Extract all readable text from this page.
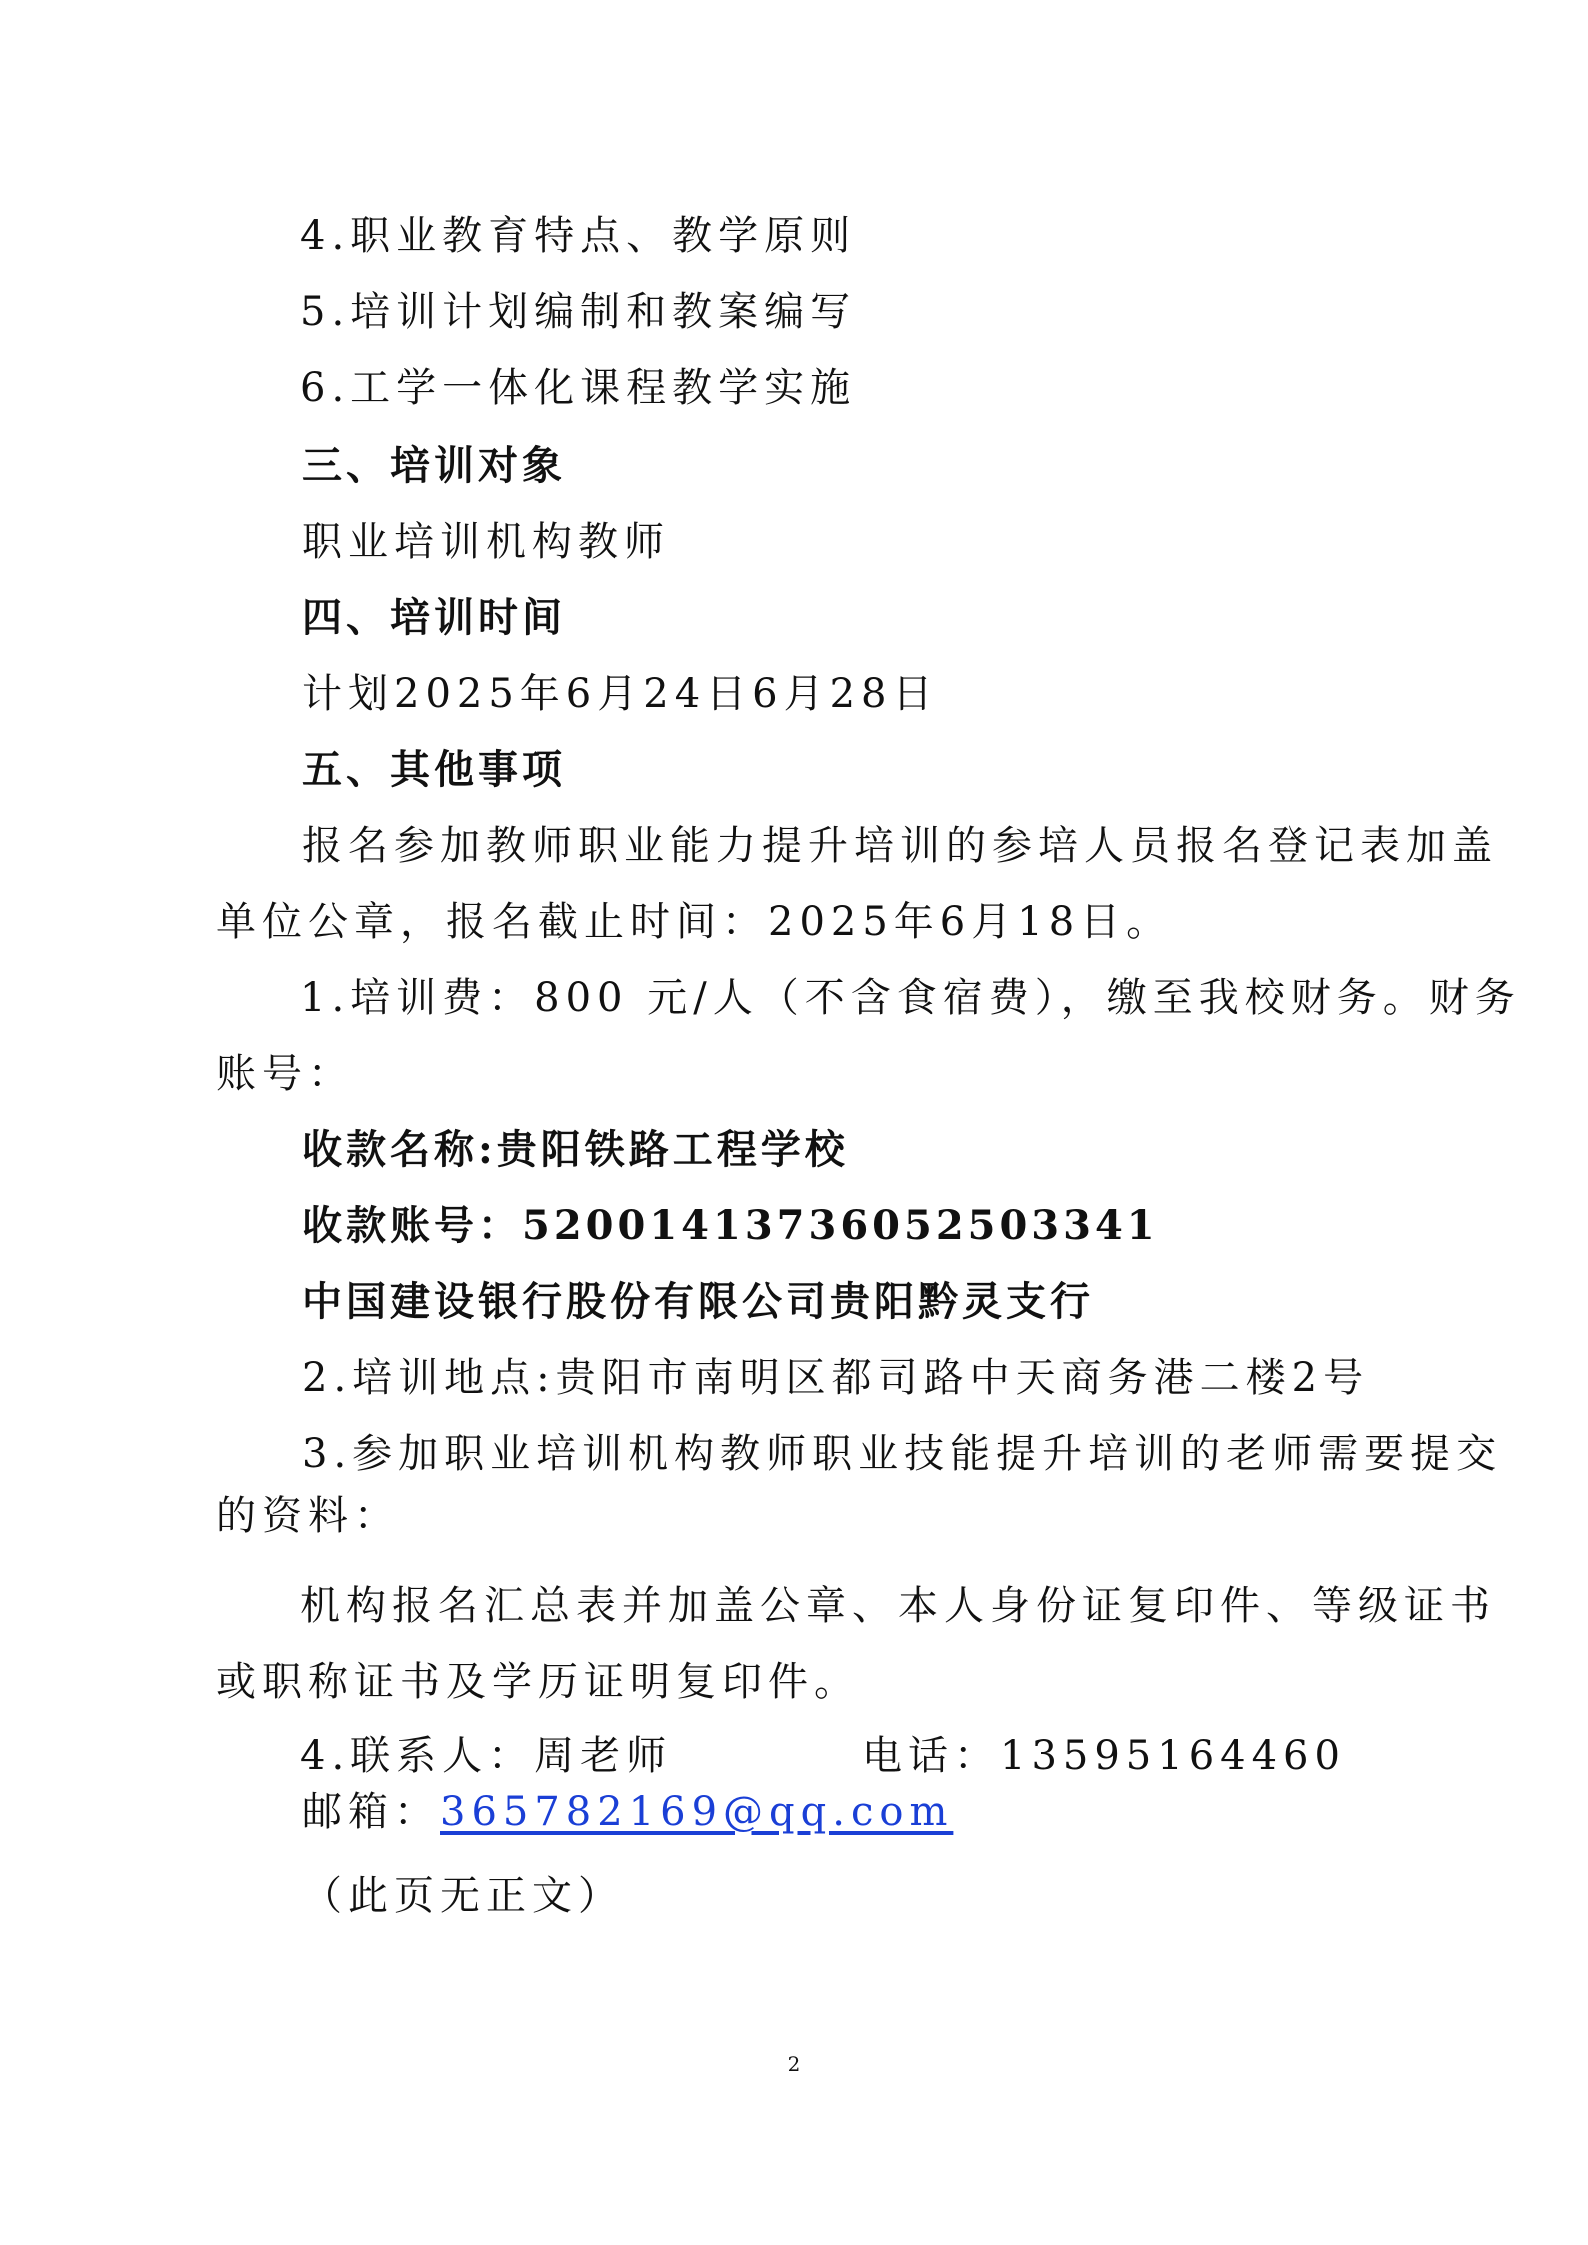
4.职业教育特点、教学原则
5.培训计划编制和教案编写
6.工学一体化课程教学实施
三、培训对象
职业培训机构教师
四、培训时间
计划2025年6月24日6月28日
五、其他事项
报名参加教师职业能力提升培训的参培人员报名登记表加盖
单位公章，报名截止时间：2025年6月18日。
1.培训费：800 元/人（不含食宿费），缴至我校财务。财务
账号：
收款名称:贵阳铁路工程学校
收款账号：52001413736052503341
中国建设银行股份有限公司贵阳黔灵支行
2.培训地点:贵阳市南明区都司路中天商务港二楼2号
3.参加职业培训机构教师职业技能提升培训的老师需要提交
的资料：
机构报名汇总表并加盖公章、本人身份证复印件、等级证书
或职称证书及学历证明复印件。
4.联系人：周老师	电话：13595164460
邮箱：365782169@qq.com
（此页无正文）
2
